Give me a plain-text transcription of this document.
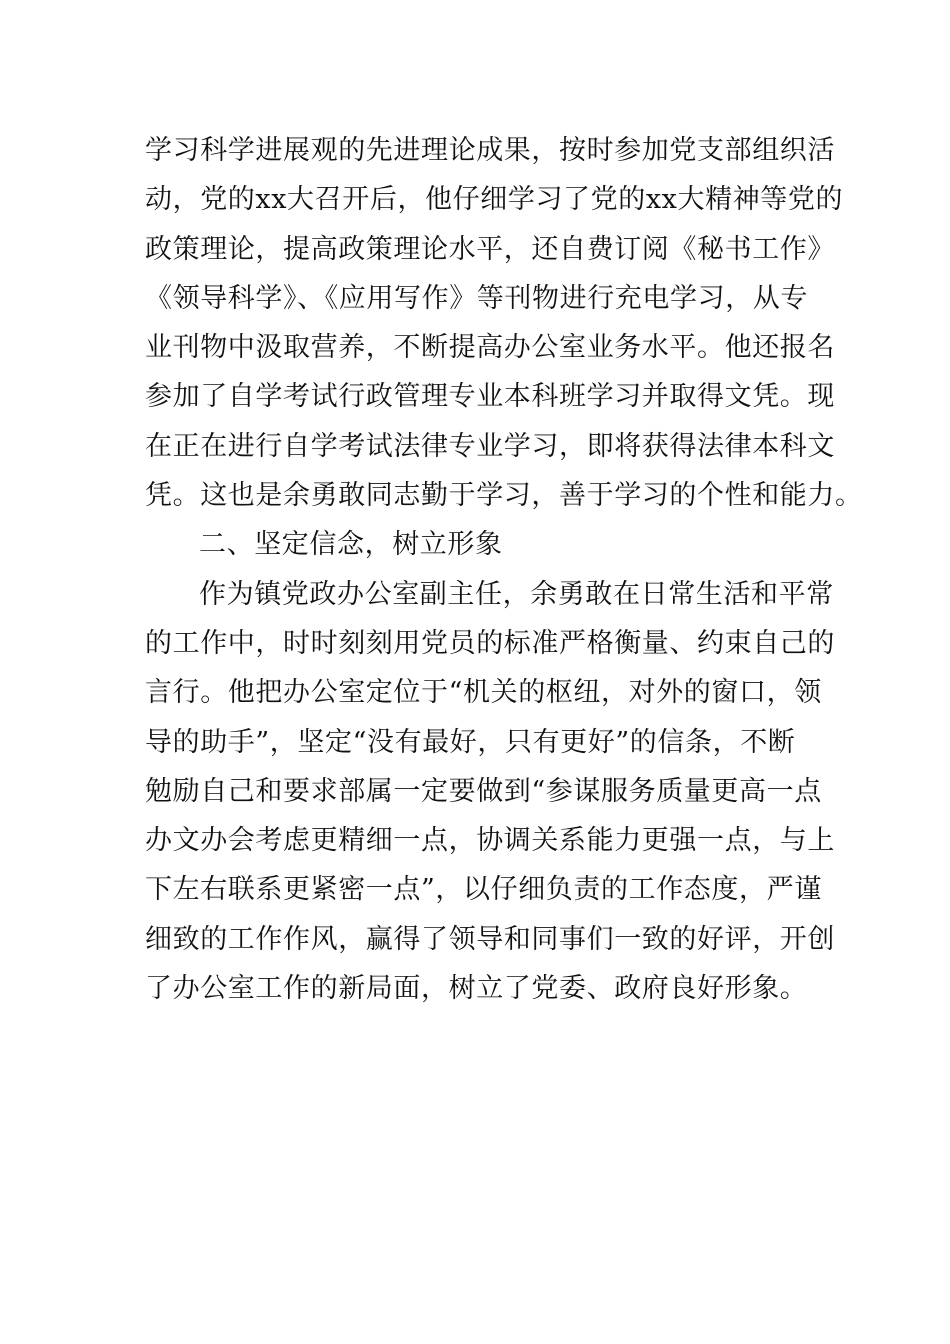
学习科学进展观的先进理论成果，按时参加党支部组织活
动，党的xx大召开后，他仔细学习了党的xx大精神等党的
政策理论，提高政策理论水平，还自费订阅《秘书工作》
《领导科学》、《应用写作》等刊物进行充电学习，从专
业刊物中汲取营养，不断提高办公室业务水平。他还报名
参加了自学考试行政管理专业本科班学习并取得文凭。现
在正在进行自学考试法律专业学习，即将获得法律本科文
凭。这也是余勇敢同志勤于学习，善于学习的个性和能力。
二、坚定信念，树立形象
作为镇党政办公室副主任，余勇敢在日常生活和平常
的工作中，时时刻刻用党员的标准严格衡量、约束自己的
言行。他把办公室定位于“机关的枢纽，对外的窗口，领
导的助手”，坚定“没有最好，只有更好”的信条，不断
勉励自己和要求部属一定要做到“参谋服务质量更高一点
办文办会考虑更精细一点，协调关系能力更强一点，与上
下左右联系更紧密一点”，以仔细负责的工作态度，严谨
细致的工作作风，赢得了领导和同事们一致的好评，开创
了办公室工作的新局面，树立了党委、政府良好形象。
